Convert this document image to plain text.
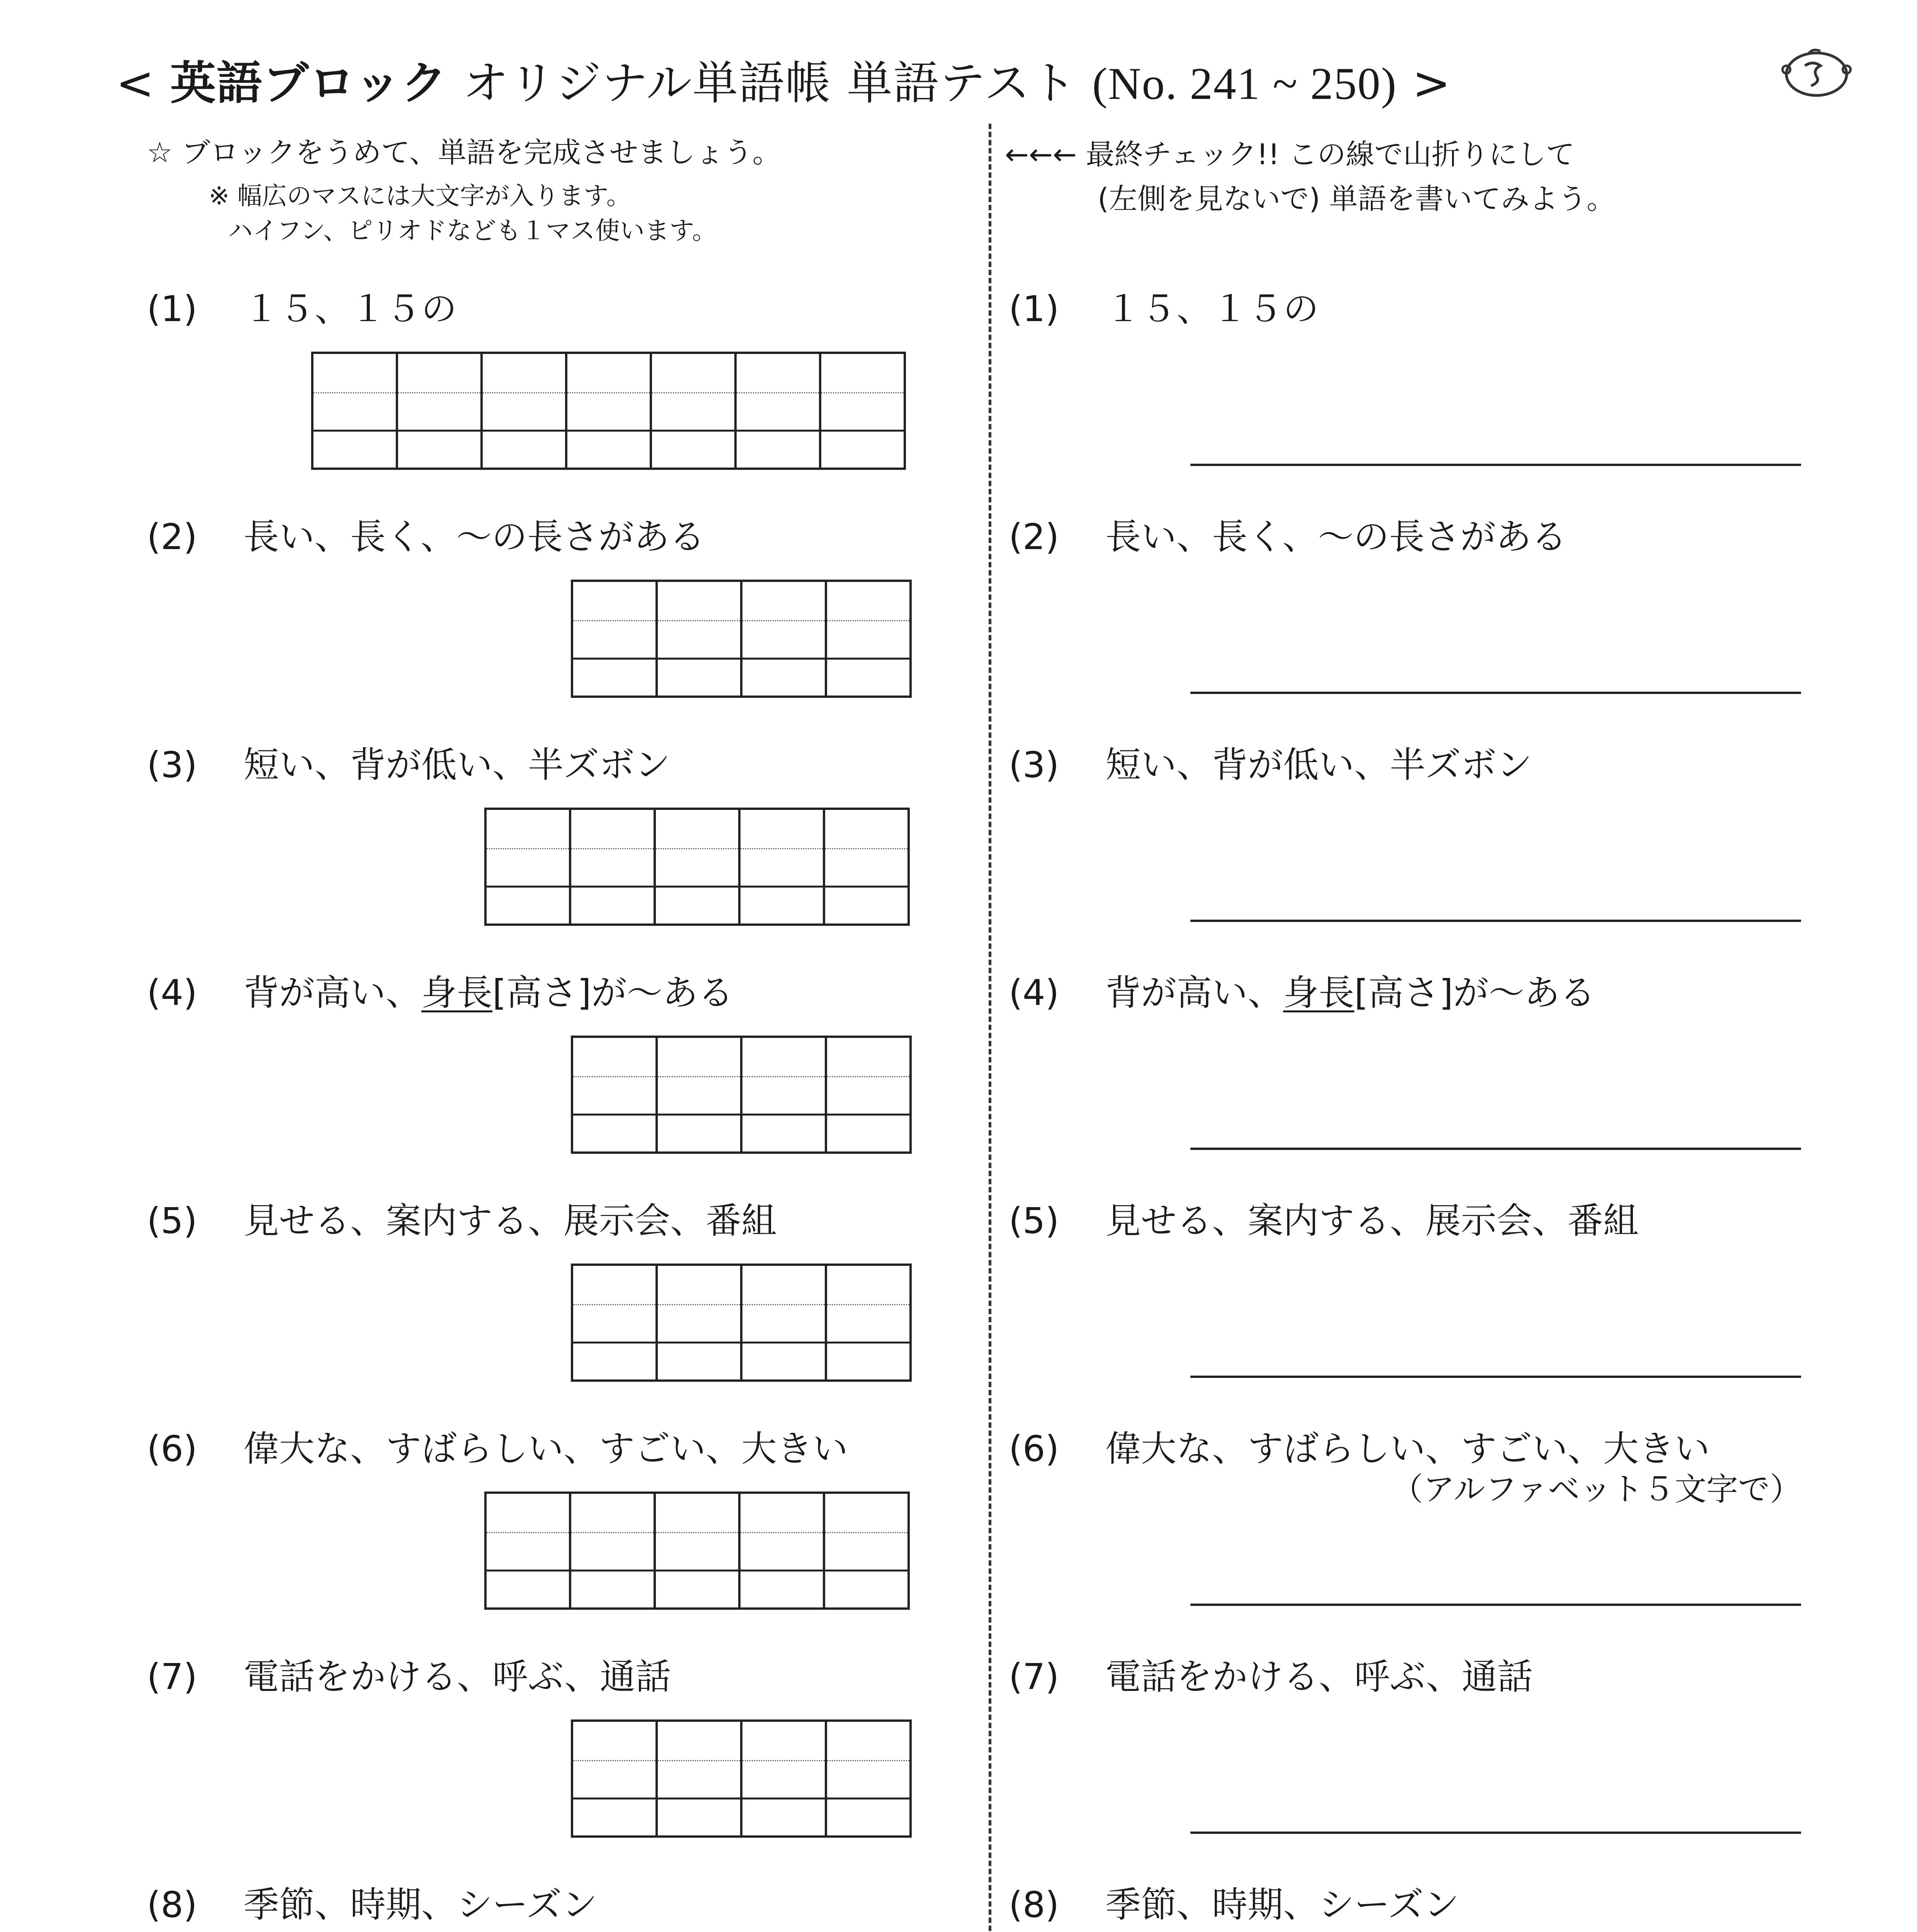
< 英語ブロック オリジナル単語帳 単語テスト (No. 241 ~ 250) >
☆ ブロックをうめて、単語を完成させましょう。
※ 幅広のマスには大文字が入ります。
ハイフン、ピリオドなども１マス使います。
←←← 最終チェック!! この線で山折りにして
(左側を見ないで) 単語を書いてみよう。
(1) １５、１５の
(2) 長い、長く、～の長さがある
(3) 短い、背が低い、半ズボン
(4) 背が高い、身長[高さ]が～ある
(5) 見せる、案内する、展示会、番組
(6) 偉大な、すばらしい、すごい、大きい
(7) 電話をかける、呼ぶ、通話
(8) 季節、時期、シーズン
(1) １５、１５の
(2) 長い、長く、～の長さがある
(3) 短い、背が低い、半ズボン
(4) 背が高い、身長[高さ]が～ある
(5) 見せる、案内する、展示会、番組
(6) 偉大な、すばらしい、すごい、大きい
（アルファベット５文字で）
(7) 電話をかける、呼ぶ、通話
(8) 季節、時期、シーズン
